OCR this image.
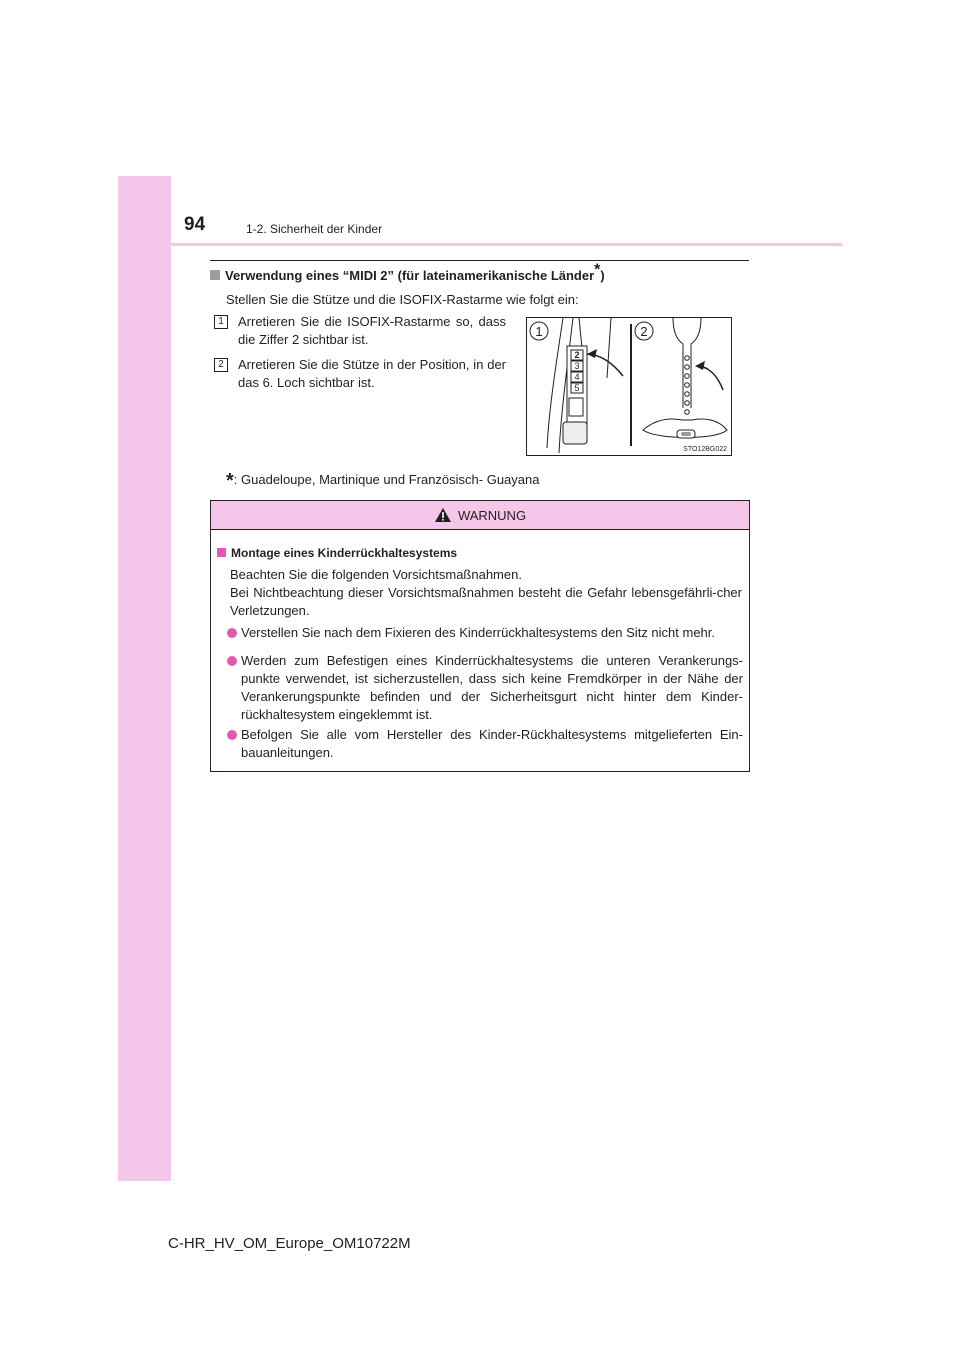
94	1-2. Sicherheit der Kinder
Verwendung eines “MIDI 2” (für lateinamerikanische Länder*)
Stellen Sie die Stütze und die ISOFIX-Rastarme wie folgt ein:
1	Arretieren Sie die ISOFIX-Rastarme so, dass die Ziffer 2 sichtbar ist.
2	Arretieren Sie die Stütze in der Position, in der das 6. Loch sichtbar ist.
2
3
4
5
1	2
STO12BG022
*: Guadeloupe, Martinique und Französisch- Guayana
WARNUNG
Montage eines Kinderrückhaltesystems
Beachten Sie die folgenden Vorsichtsmaßnahmen.
Bei Nichtbeachtung dieser Vorsichtsmaßnahmen besteht die Gefahr lebensgefährli-cher Verletzungen.
Verstellen Sie nach dem Fixieren des Kinderrückhaltesystems den Sitz nicht mehr.
Werden zum Befestigen eines Kinderrückhaltesystems die unteren Verankerungs-punkte verwendet, ist sicherzustellen, dass sich keine Fremdkörper in der Nähe der Verankerungspunkte befinden und der Sicherheitsgurt nicht hinter dem Kinder-rückhaltesystem eingeklemmt ist.
Befolgen Sie alle vom Hersteller des Kinder-Rückhaltesystems mitgelieferten Ein-bauanleitungen.
C-HR_HV_OM_Europe_OM10722M
